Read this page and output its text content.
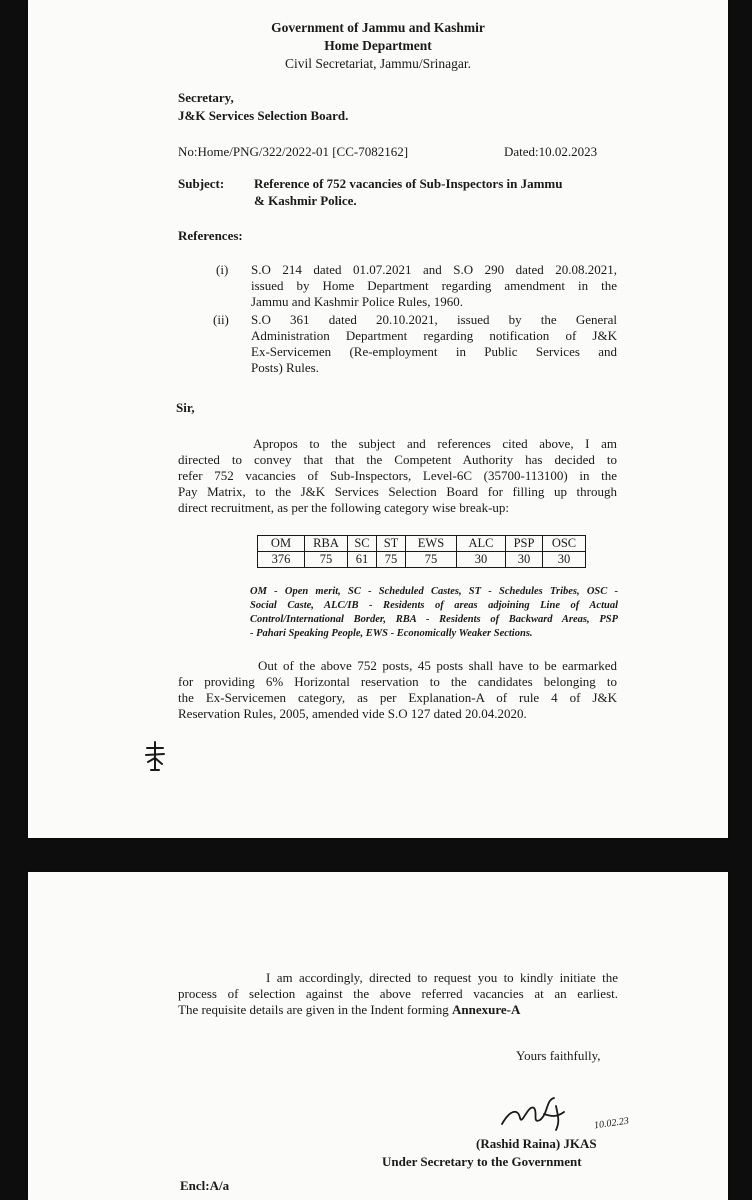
Government of Jammu and Kashmir

Home Department

Civil Secretariat, Jammu/Srinagar.

Secretary,

J&K Services Selection Board.

No:Home/PNG/322/2022-01 [CC-7082162]	Dated:10.02.2023

Subject: Reference of 752 vacancies of Sub-Inspectors in Jammu

& Kashmir Police.

References:

(i) S.O 214 dated 01.07.2021 and S.O 290 dated 20.08.2021,

issued by Home Department regarding amendment in the

Jammu and Kashmir Police Rules, 1960.

(ii) S.O 361 dated 20.10.2021, issued by the General

Administration Department regarding notification of J&K

Ex-Servicemen (Re-employment in Public Services and

Posts) Rules.

Sir,

Apropos to the subject and references cited above, I am

directed to convey that that the Competent Authority has decided to

refer 752 vacancies of Sub-Inspectors, Level-6C (35700-113100) in the

Pay Matrix, to the J&K Services Selection Board for filling up through

direct recruitment, as per the following category wise break-up:

OM	RBA	SC	ST	EWS	ALC	PSP	OSC
376	75	61	75	75	30	30	30

OM - Open merit, SC - Scheduled Castes, ST - Schedules Tribes, OSC -

Social Caste, ALC/IB - Residents of areas adjoining Line of Actual

Control/International Border, RBA - Residents of Backward Areas, PSP

- Pahari Speaking People, EWS - Economically Weaker Sections.

Out of the above 752 posts, 45 posts shall have to be earmarked

for providing 6% Horizontal reservation to the candidates belonging to

the Ex-Servicemen category, as per Explanation-A of rule 4 of J&K

Reservation Rules, 2005, amended vide S.O 127 dated 20.04.2020.

I am accordingly, directed to request you to kindly initiate the

process of selection against the above referred vacancies at an earliest.

The requisite details are given in the Indent forming Annexure-A

Yours faithfully,

10.02.23

(Rashid Raina) JKAS

Under Secretary to the Government

Encl:A/a
